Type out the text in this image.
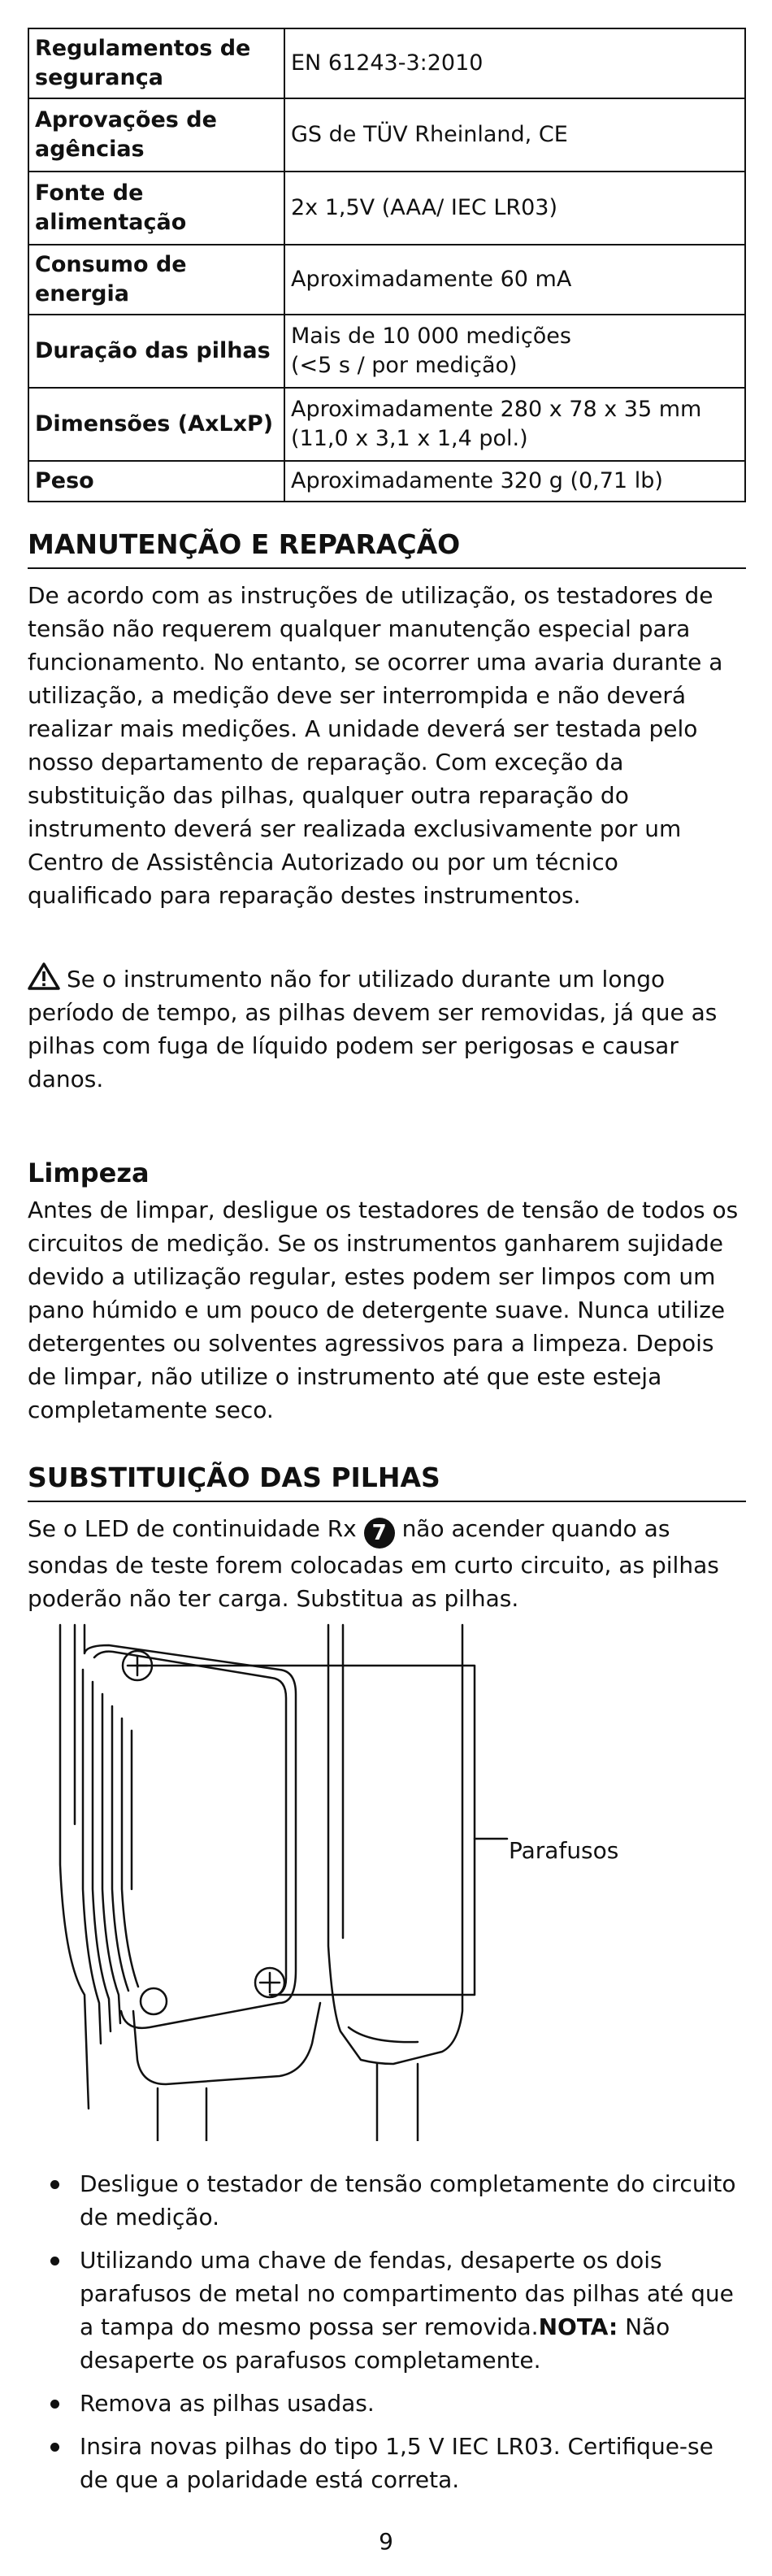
Regulamentos de segurança	EN 61243-3:2010
Aprovações de agências	GS de TÜV Rheinland, CE
Fonte de alimentação	2x 1,5V (AAA/ IEC LR03)
Consumo de energia	Aproximadamente 60 mA
Duração das pilhas	Mais de 10 000 medições
(<5 s / por medição)

Dimensões (AxLxP)	Aproximadamente 280 x 78 x 35 mm
(11,0 x 3,1 x 1,4 pol.)

Peso	Aproximadamente 320 g (0,71 lb)
MANUTENÇÃO E REPARAÇÃO

De acordo com as instruções de utilização, os testadores de tensão não requerem qualquer manutenção especial para funcionamento. No entanto, se ocorrer uma avaria durante a utilização, a medição deve ser interrompida e não deverá realizar mais medições. A unidade deverá ser testada pelo nosso departamento de reparação. Com exceção da substituição das pilhas, qualquer outra reparação do instrumento deverá ser realizada exclusivamente por um Centro de Assistência Autorizado ou por um técnico qualificado para reparação destes instrumentos.

Se o instrumento não for utilizado durante um longo período de tempo, as pilhas devem ser removidas, já que as pilhas com fuga de líquido podem ser perigosas e causar danos.

Limpeza

Antes de limpar, desligue os testadores de tensão de todos os circuitos de medição. Se os instrumentos ganharem sujidade devido a utilização regular, estes podem ser limpos com um pano húmido e um pouco de detergente suave. Nunca utilize detergentes ou solventes agressivos para a limpeza. Depois de limpar, não utilize o instrumento até que este esteja completamente seco.

SUBSTITUIÇÃO DAS PILHAS

Se o LED de continuidade Rx 7 não acender quando as sondas de teste forem colocadas em curto circuito, as pilhas poderão não ter carga. Substitua as pilhas.

Parafusos
Desligue o testador de tensão completamente do circuito de medição.
Utilizando uma chave de fendas, desaperte os dois parafusos de metal no compartimento das pilhas até que a tampa do mesmo possa ser removida.NOTA: Não desaperte os parafusos completamente.
Remova as pilhas usadas.
Insira novas pilhas do tipo 1,5 V IEC LR03. Certifique-se de que a polaridade está correta.
9
